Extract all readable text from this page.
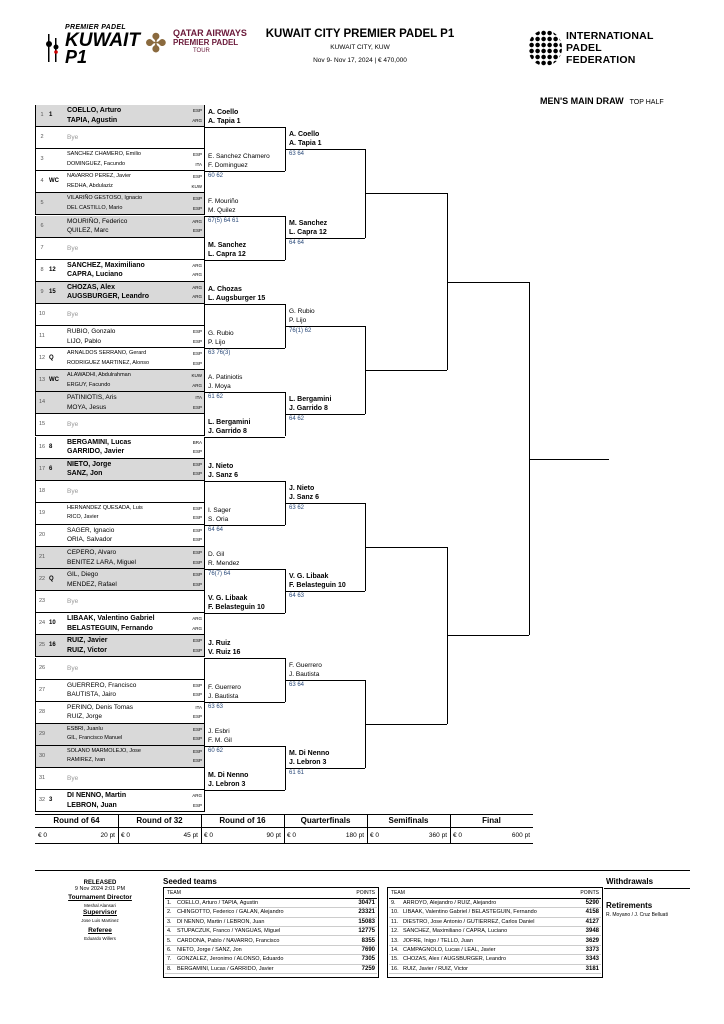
PREMIER PADEL
KUWAIT
P1 ✤ QATAR AIRWAYS
PREMIER PADEL
TOUR
KUWAIT CITY PREMIER PADEL P1
KUWAIT CITY, KUW
Nov 9- Nov 17, 2024 | € 470,000
INTERNATIONAL
PADEL
FEDERATION
MEN'S MAIN DRAW TOP HALF
1 1
COELLO, Arturo	ESP
TAPIA, Agustin	ARG
2	Bye
3
SANCHEZ CHAMERO, Emilio	ESP
DOMINGUEZ, Facundo	ITA
4 WC
NAVARRO PEREZ, Javier	ESP
REDHA, Abdulaziz	KUW
5
VILARIÑO GESTOSO, Ignacio	ESP
DEL CASTILLO, Mario	ESP
6
MOURIÑO, Federico	ARG
QUILEZ, Marc	ESP
7	Bye
8 12
SANCHEZ, Maximiliano	ARG
CAPRA, Luciano	ARG
9 15
CHOZAS, Alex	ARG
AUGSBURGER, Leandro	ARG
10	Bye
11
RUBIO, Gonzalo	ESP
LIJO, Pablo	ESP
12 Q
ARNALDOS SERRANO, Gerard	ESP
RODRIGUEZ MARTINEZ, Alonso	ESP
13 WC
ALAWADHI, Abdulrahman	KUW
ERGUY, Facundo	ARG
14
PATINIOTIS, Aris	ITA
MOYA, Jesus	ESP
15	Bye
16 8
BERGAMINI, Lucas	BRA
GARRIDO, Javier	ESP
17 6
NIETO, Jorge	ESP
SANZ, Jon	ESP
18	Bye
19
HERNANDEZ QUESADA, Luis	ESP
RICO, Javier	ESP
20
SAGER, Ignacio	ESP
ORIA, Salvador	ESP
21
CEPERO, Alvaro	ESP
BENITEZ LARA, Miguel	ESP
22 Q
GIL, Diego	ESP
MENDEZ, Rafael	ESP
23	Bye
24 10
LIBAAK, Valentino Gabriel	ARG
BELASTEGUIN, Fernando	ARG
25 16
RUIZ, Javier	ESP
RUIZ, Victor	ESP
26	Bye
27
GUERRERO, Francisco	ESP
BAUTISTA, Jairo	ESP
28
PERINO, Denis Tomas	ITA
RUIZ, Jorge	ESP
29
ESBRI, Juanlu	ESP
GIL, Francisco Manuel	ESP
30
SOLANO MARMOLEJO, Jose	ESP
RAMIREZ, Ivan	ESP
31	Bye
32 3
DI NENNO, Martin	ARG
LEBRON, Juan	ESP
A. Coello
A. Tapia 1
E. Sanchez Chamero
F. Dominguez
60 62
F. Mouriño
M. Quilez
67(5) 64 61
M. Sanchez
L. Capra 12
A. Chozas
L. Augsburger 15
G. Rubio
P. Lijo
63 76(3)
A. Patiniotis
J. Moya
61 62
L. Bergamini
J. Garrido 8
J. Nieto
J. Sanz 6
I. Sager
S. Oria
64 64
D. Gil
R. Mendez
76(7) 64
V. G. Libaak
F. Belasteguin 10
J. Ruiz
V. Ruiz 16
F. Guerrero
J. Bautista
63 63
J. Esbri
F. M. Gil
60 62
M. Di Nenno
J. Lebron 3
A. Coello
A. Tapia 1
63 64
M. Sanchez
L. Capra 12
64 64
G. Rubio
P. Lijo
76(1) 62
L. Bergamini
J. Garrido 8
64 62
J. Nieto
J. Sanz 6
63 62
V. G. Libaak
F. Belasteguin 10
64 63
F. Guerrero
J. Bautista
63 64
M. Di Nenno
J. Lebron 3
61 61
Round of 64
€ 0	20 pt
Round of 32
€ 0	45 pt
Round of 16
€ 0	90 pt
Quarterfinals
€ 0	180 pt
Semifinals
€ 0	360 pt
Final
€ 0	600 pt
RELEASED
9 Nov 2024 2:01 PM
Tournament Director
Meshal Alansari
Supervisor
Jose Luis Martinez
Referee
Eduardo Willers
Seeded teams
TEAM		POINTS
1.	COELLO, Arturo / TAPIA, Agustin	30471
2.	CHINGOTTO, Federico / GALAN, Alejandro	23321
3.	DI NENNO, Martin / LEBRON, Juan	15083
4.	STUPACZUK, Franco / YANGUAS, Miguel	12775
5.	CARDONA, Pablo / NAVARRO, Francisco	8355
6.	NIETO, Jorge / SANZ, Jon	7690
7.	GONZALEZ, Jeronimo / ALONSO, Eduardo	7305
8.	BERGAMINI, Lucas / GARRIDO, Javier	7259
TEAM		POINTS
9.	ARROYO, Alejandro / RUIZ, Alejandro	5290
10.	LIBAAK, Valentino Gabriel / BELASTEGUIN, Fernando	4158
11.	DIESTRO, Jose Antonio / GUTIERREZ, Carlos Daniel	4127
12.	SANCHEZ, Maximiliano / CAPRA, Luciano	3948
13.	JOFRE, Inigo / TELLO, Juan	3629
14.	CAMPAGNOLO, Lucas / LEAL, Javier	3373
15.	CHOZAS, Alex / AUGSBURGER, Leandro	3343
16.	RUIZ, Javier / RUIZ, Victor	3181
Withdrawals
Retirements
R. Moyano / J. Cruz Belluati
